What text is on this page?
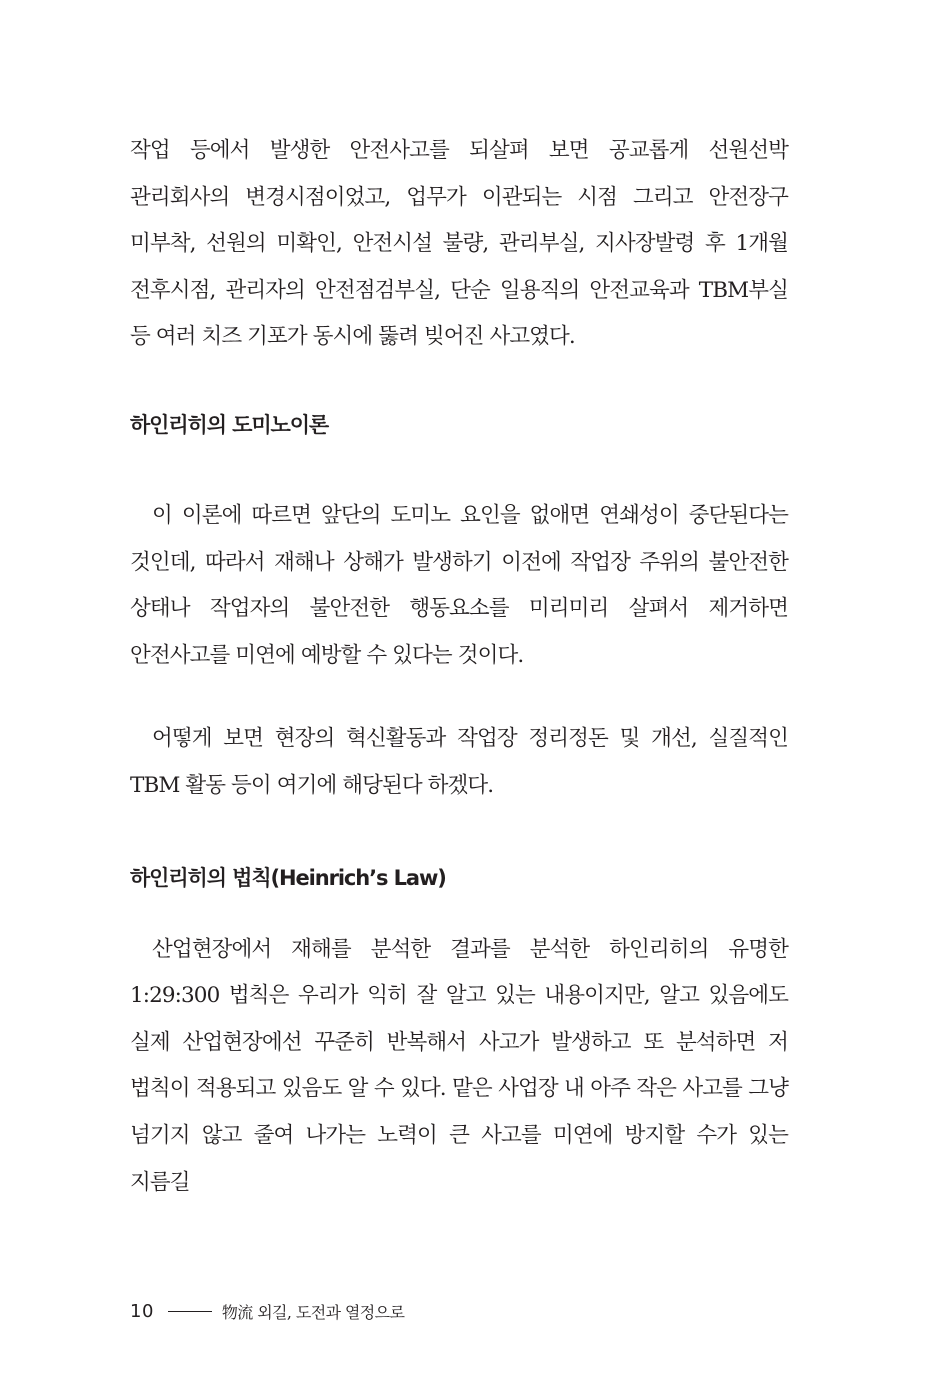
작업 등에서 발생한 안전사고를 되살펴 보면 공교롭게 선원선박 관리회사의 변경시점이었고, 업무가 이관되는 시점 그리고 안전장구 미부착, 선원의 미확인, 안전시설 불량, 관리부실, 지사장발령 후 1개월 전후시점, 관리자의 안전점검부실, 단순 일용직의 안전교육과 TBM부실 등 여러 치즈 기포가 동시에 뚫려 빚어진 사고였다.

하인리히의 도미노이론

이 이론에 따르면 앞단의 도미노 요인을 없애면 연쇄성이 중단된다는 것인데, 따라서 재해나 상해가 발생하기 이전에 작업장 주위의 불안전한 상태나 작업자의 불안전한 행동요소를 미리미리 살펴서 제거하면 안전사고를 미연에 예방할 수 있다는 것이다.

어떻게 보면 현장의 혁신활동과 작업장 정리정돈 및 개선, 실질적인 TBM 활동 등이 여기에 해당된다 하겠다.

하인리히의 법칙(Heinrich’s Law)

산업현장에서 재해를 분석한 결과를 분석한 하인리히의 유명한 1:29:300 법칙은 우리가 익히 잘 알고 있는 내용이지만, 알고 있음에도 실제 산업현장에선 꾸준히 반복해서 사고가 발생하고 또 분석하면 저 법칙이 적용되고 있음도 알 수 있다. 맡은 사업장 내 아주 작은 사고를 그냥 넘기지 않고 줄여 나가는 노력이 큰 사고를 미연에 방지할 수가 있는 지름길

10	物流 외길, 도전과 열정으로
